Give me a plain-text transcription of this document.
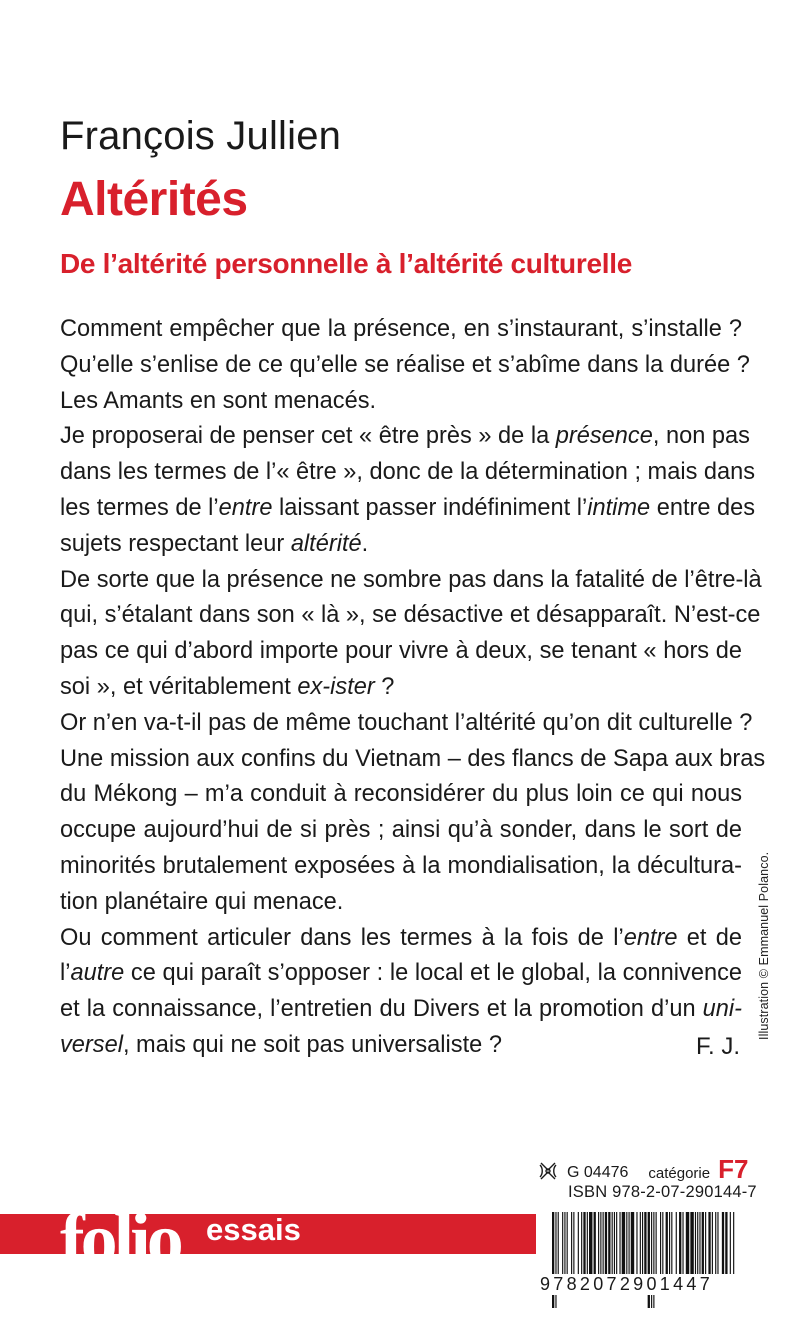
François Jullien
Altérités
De l’altérité personnelle à l’altérité culturelle
Comment empêcher que la présence, en s’instaurant, s’installe ?
Qu’elle s’enlise de ce qu’elle se réalise et s’abîme dans la durée ?
Les Amants en sont menacés.
Je proposerai de penser cet « être près » de la présence, non pas
dans les termes de l’« être », donc de la détermination ; mais dans
les termes de l’entre laissant passer indéfiniment l’intime entre des
sujets respectant leur altérité.
De sorte que la présence ne sombre pas dans la fatalité de l’être-là
qui, s’étalant dans son « là », se désactive et désapparaît. N’est-ce
pas ce qui d’abord importe pour vivre à deux, se tenant « hors de
soi », et véritablement ex-ister ?
Or n’en va-t-il pas de même touchant l’altérité qu’on dit culturelle ?
Une mission aux confins du Vietnam – des flancs de Sapa aux bras
du Mékong – m’a conduit à reconsidérer du plus loin ce qui nous
occupe aujourd’hui de si près ; ainsi qu’à sonder, dans le sort de
minorités brutalement exposées à la mondialisation, la décultura-
tion planétaire qui menace.
Ou comment articuler dans les termes à la fois de l’entre et de
l’autre ce qui paraît s’opposer : le local et le global, la connivence
et la connaissance, l’entretien du Divers et la promotion d’un uni-
versel, mais qui ne soit pas universaliste ?	F. J.
Illustration © Emmanuel Polanco.
G 04476 catégorie F7
ISBN 978-2-07-290144-7
folio essais
9782072901447
